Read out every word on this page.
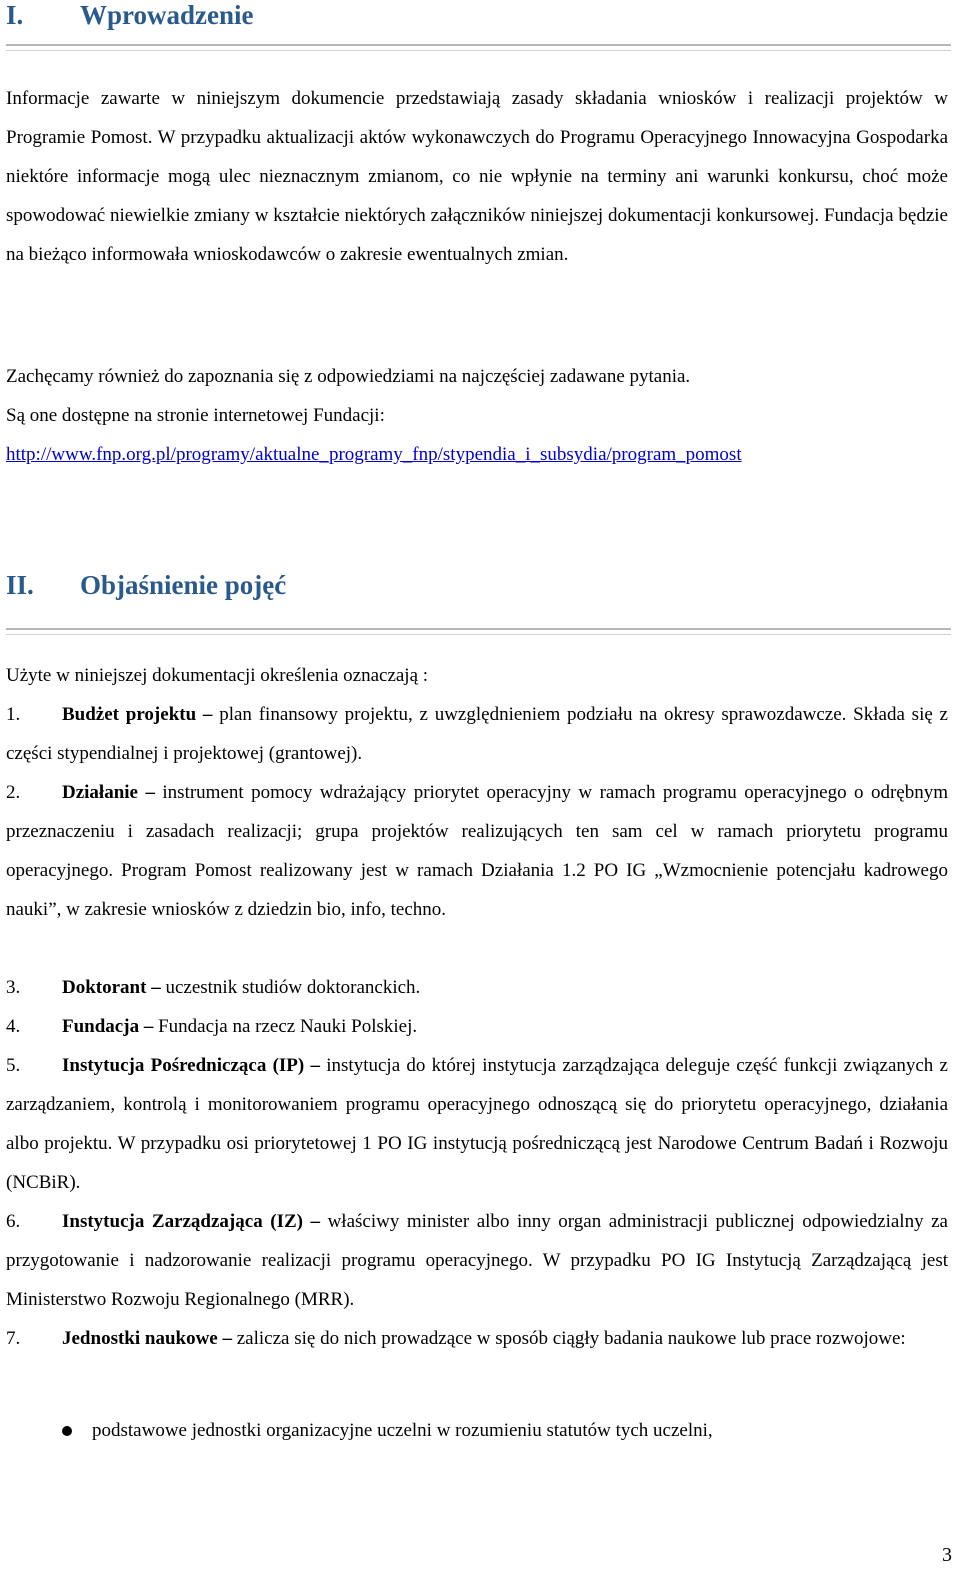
I. Wprowadzenie

Informacje zawarte w niniejszym dokumencie przedstawiają zasady składania wniosków i realizacji projektów w Programie Pomost. W przypadku aktualizacji aktów wykonawczych do Programu Operacyjnego Innowacyjna Gospodarka niektóre informacje mogą ulec nieznacznym zmianom, co nie wpłynie na terminy ani warunki konkursu, choć może spowodować niewielkie zmiany w kształcie niektórych załączników niniejszej dokumentacji konkursowej. Fundacja będzie na bieżąco informowała wnioskodawców o zakresie ewentualnych zmian.

Zachęcamy również do zapoznania się z odpowiedziami na najczęściej zadawane pytania.

Są one dostępne na stronie internetowej Fundacji:

http://www.fnp.org.pl/programy/aktualne_programy_fnp/stypendia_i_subsydia/program_pomost

II. Objaśnienie pojęć

Użyte w niniejszej dokumentacji określenia oznaczają :

1. Budżet projektu – plan finansowy projektu, z uwzględnieniem podziału na okresy sprawozdawcze. Składa się z części stypendialnej i projektowej (grantowej).

2. Działanie – instrument pomocy wdrażający priorytet operacyjny w ramach programu operacyjnego o odrębnym przeznaczeniu i zasadach realizacji; grupa projektów realizujących ten sam cel w ramach priorytetu programu operacyjnego. Program Pomost realizowany jest w ramach Działania 1.2 PO IG „Wzmocnienie potencjału kadrowego nauki”, w zakresie wniosków z dziedzin bio, info, techno.

3. Doktorant – uczestnik studiów doktoranckich.

4. Fundacja – Fundacja na rzecz Nauki Polskiej.

5. Instytucja Pośrednicząca (IP) – instytucja do której instytucja zarządzająca deleguje część funkcji związanych z zarządzaniem, kontrolą i monitorowaniem programu operacyjnego odnoszącą się do priorytetu operacyjnego, działania albo projektu. W przypadku osi priorytetowej 1 PO IG instytucją pośredniczącą jest Narodowe Centrum Badań i Rozwoju (NCBiR).

6. Instytucja Zarządzająca (IZ) – właściwy minister albo inny organ administracji publicznej odpowiedzialny za przygotowanie i nadzorowanie realizacji programu operacyjnego. W przypadku PO IG Instytucją Zarządzającą jest Ministerstwo Rozwoju Regionalnego (MRR).

7. Jednostki naukowe – zalicza się do nich prowadzące w sposób ciągły badania naukowe lub prace rozwojowe:

podstawowe jednostki organizacyjne uczelni w rozumieniu statutów tych uczelni,

3
